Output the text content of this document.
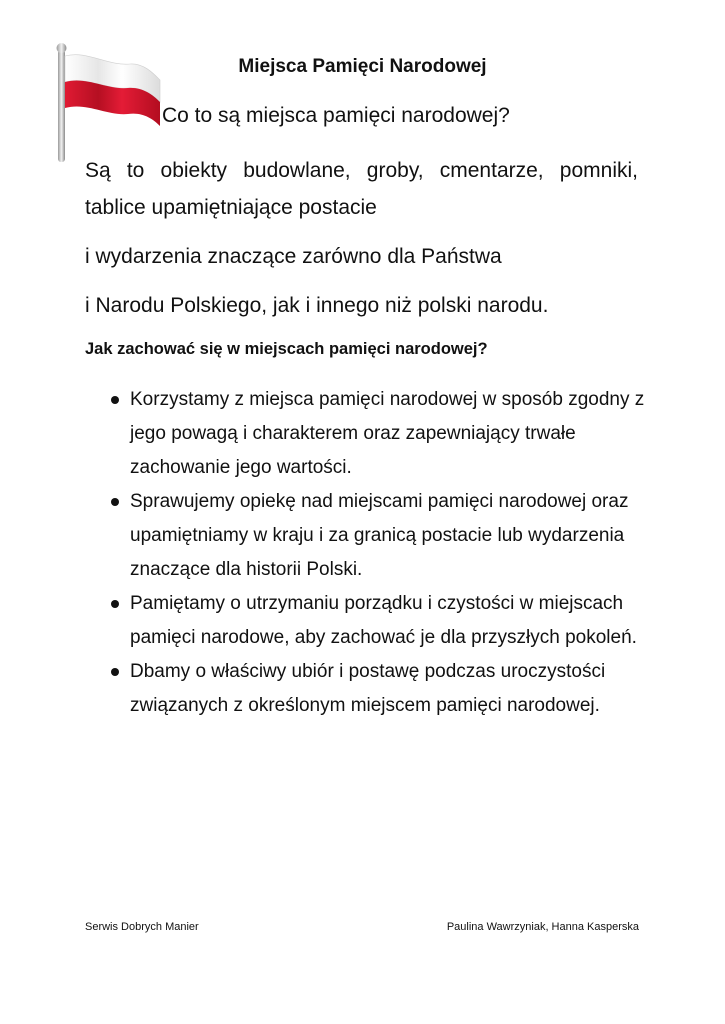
Miejsca Pamięci Narodowej

Co to są miejsca pamięci narodowej?

Są to obiekty budowlane, groby, cmentarze, pomniki, tablice upamiętniające postacie

i wydarzenia znaczące zarówno dla Państwa

i Narodu Polskiego, jak i innego niż polski narodu.

Jak zachować się w miejscach pamięci narodowej?

Korzystamy z miejsca pamięci narodowej w sposób zgodny z jego powagą i charakterem oraz zapewniający trwałe zachowanie jego wartości.
Sprawujemy opiekę nad miejscami pamięci narodowej oraz upamiętniamy w kraju i za granicą postacie lub wydarzenia znaczące dla historii Polski.
Pamiętamy o utrzymaniu porządku i czystości w miejscach pamięci narodowe, aby zachować je dla przyszłych pokoleń.
Dbamy o właściwy ubiór i postawę podczas uroczystości związanych z określonym miejscem pamięci narodowej.

Serwis Dobrych Manier	Paulina Wawrzyniak, Hanna Kasperska
